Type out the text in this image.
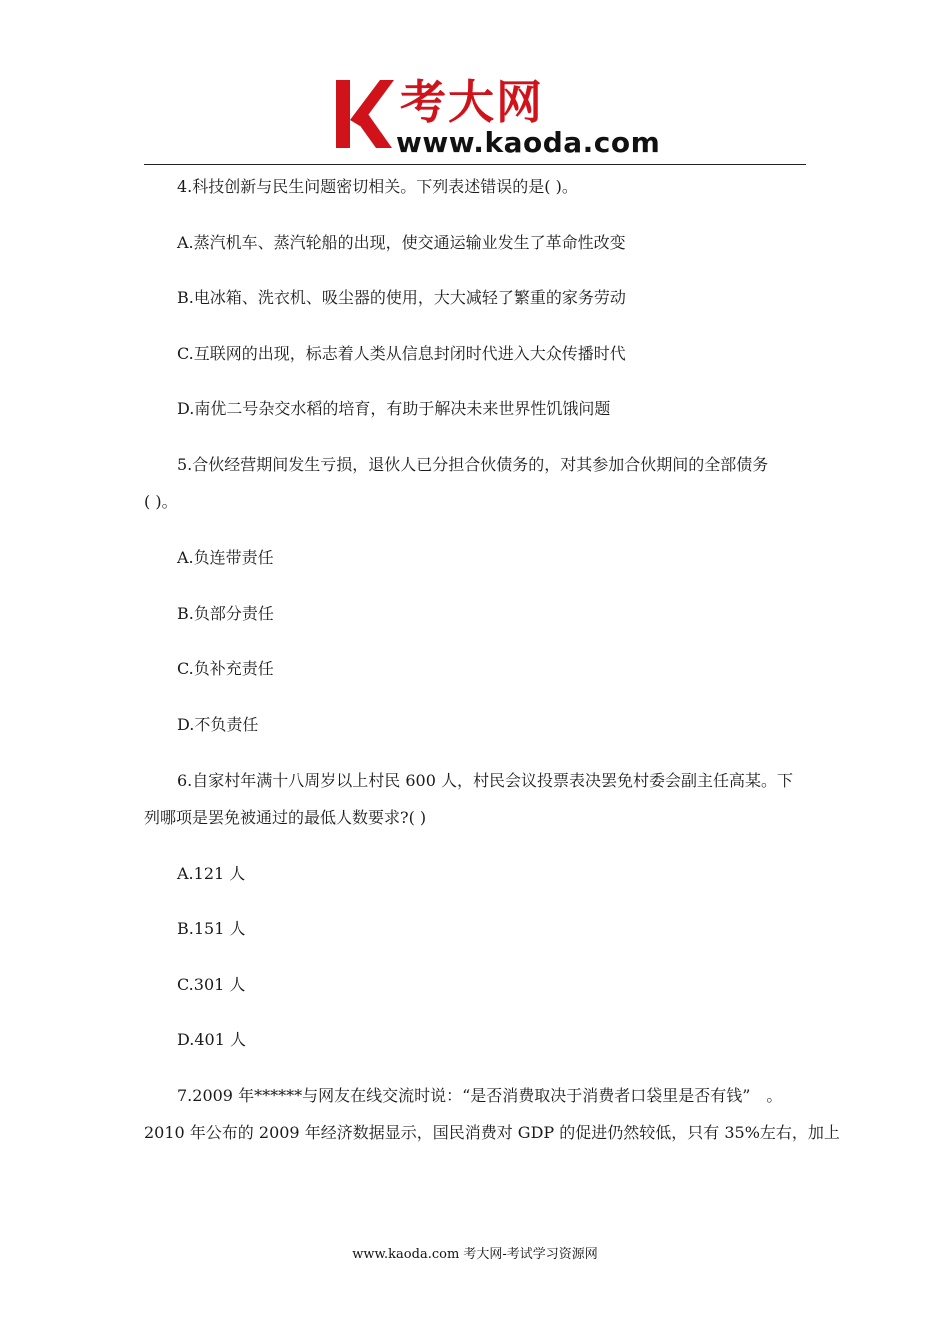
考大网
www.kaoda.com
4.科技创新与民生问题密切相关。下列表述错误的是( )。
A.蒸汽机车、蒸汽轮船的出现，使交通运输业发生了革命性改变
B.电冰箱、洗衣机、吸尘器的使用，大大减轻了繁重的家务劳动
C.互联网的出现，标志着人类从信息封闭时代进入大众传播时代
D.南优二号杂交水稻的培育，有助于解决未来世界性饥饿问题
5.合伙经营期间发生亏损，退伙人已分担合伙债务的，对其参加合伙期间的全部债务
( )。
A.负连带责任
B.负部分责任
C.负补充责任
D.不负责任
6.自家村年满十八周岁以上村民 600 人，村民会议投票表决罢免村委会副主任高某。下
列哪项是罢免被通过的最低人数要求?( )
A.121 人
B.151 人
C.301 人
D.401 人
7.2009 年******与网友在线交流时说：“是否消费取决于消费者口袋里是否有钱”　。
2010 年公布的 2009 年经济数据显示，国民消费对 GDP 的促进仍然较低，只有 35%左右，加上
www.kaoda.com 考大网-考试学习资源网
